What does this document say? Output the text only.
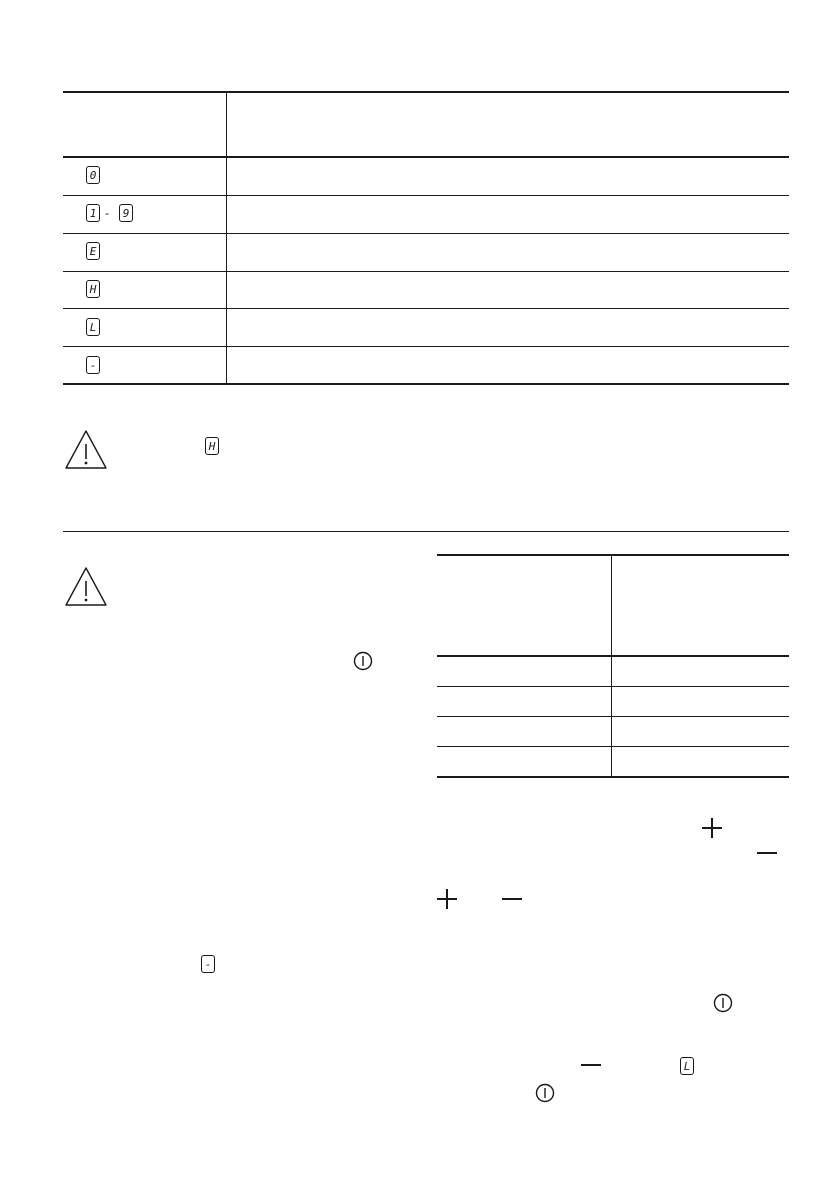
0
1 -	9
E
H
L
-
H
-
L
